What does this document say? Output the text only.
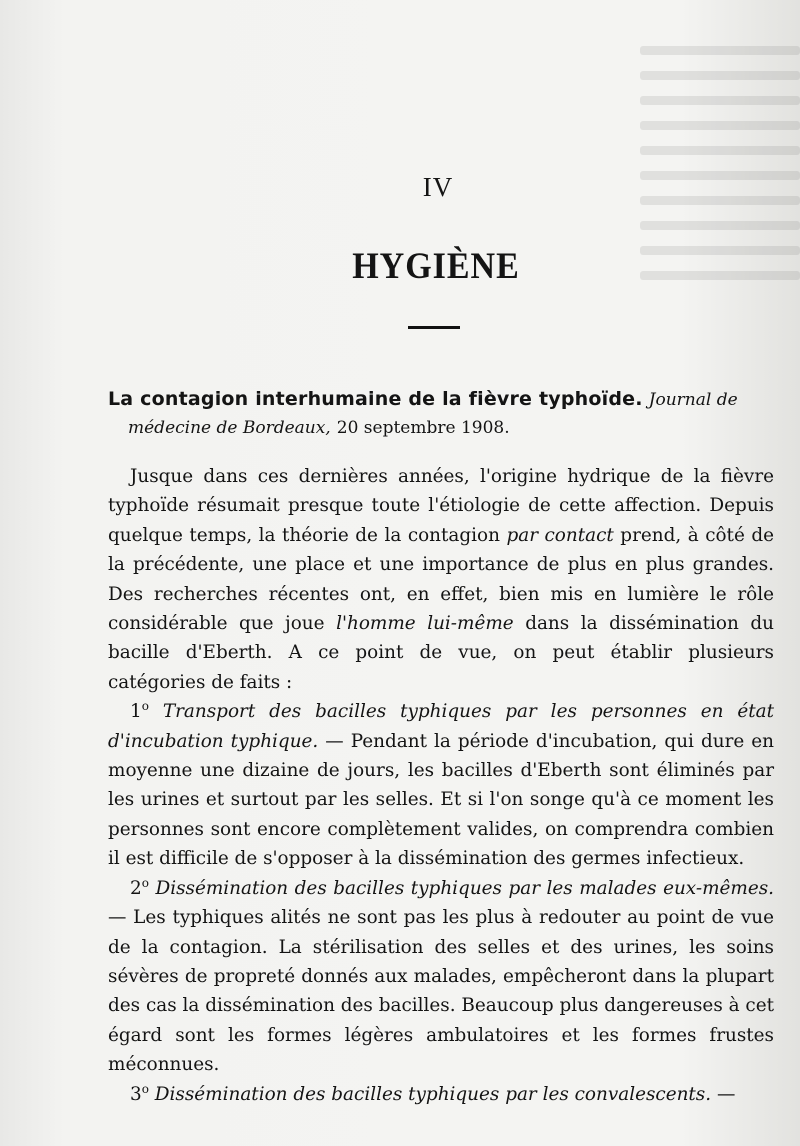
IV
HYGIÈNE

La contagion interhumaine de la fièvre typhoïde. Journal de
médecine de Bordeaux, 20 septembre 1908.

Jusque dans ces dernières années, l'origine hydrique de la fièvre typhoïde résumait presque toute l'étiologie de cette affection. Depuis quelque temps, la théorie de la contagion par contact prend, à côté de la précédente, une place et une importance de plus en plus grandes. Des recherches récentes ont, en effet, bien mis en lumière le rôle considérable que joue l'homme lui-même dans la dissémination du bacille d'Eberth. A ce point de vue, on peut établir plusieurs catégories de faits :

1$^o$ Transport des bacilles typhiques par les personnes en état d'incubation typhique. — Pendant la période d'incubation, qui dure en moyenne une dizaine de jours, les bacilles d'Eberth sont éliminés par les urines et surtout par les selles. Et si l'on songe qu'à ce moment les personnes sont encore complètement valides, on comprendra combien il est difficile de s'opposer à la dissémination des germes infectieux.

2$^o$ Dissémination des bacilles typhiques par les malades eux-mêmes. — Les typhiques alités ne sont pas les plus à redouter au point de vue de la contagion. La stérilisation des selles et des urines, les soins sévères de propreté donnés aux malades, empêcheront dans la plupart des cas la dissémination des bacilles. Beaucoup plus dangereuses à cet égard sont les formes légères ambulatoires et les formes frustes méconnues.

3$^o$ Dissémination des bacilles typhiques par les convalescents. —
